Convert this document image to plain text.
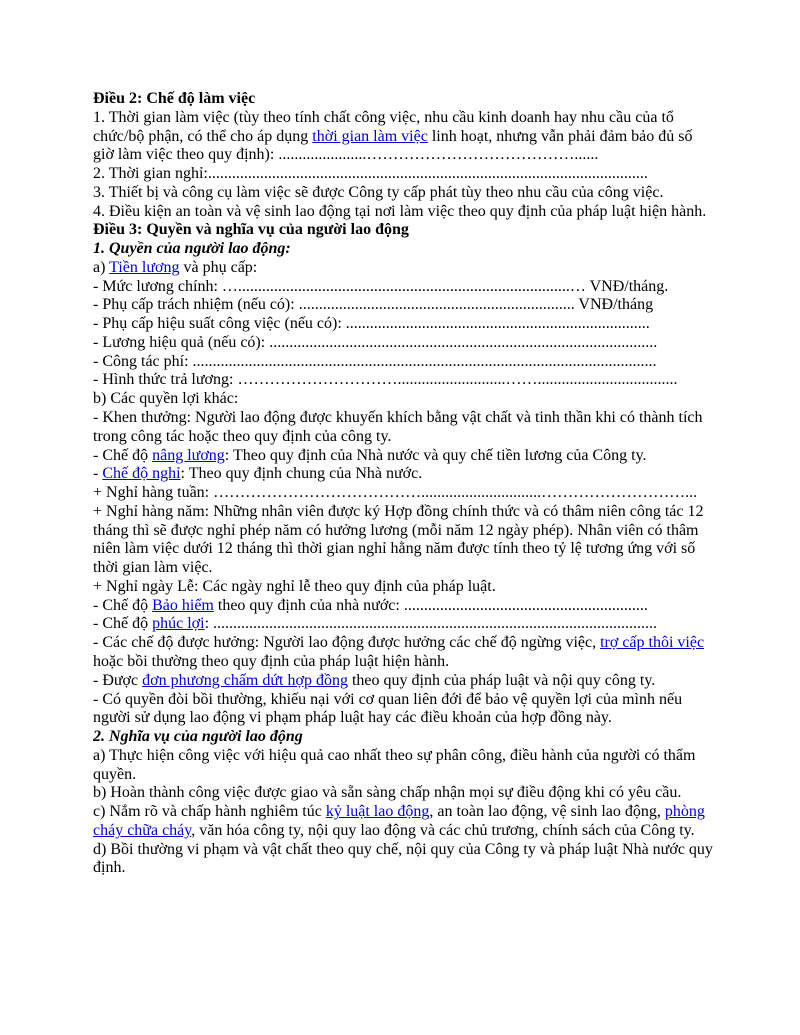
Điều 2: Chế độ làm việc

1. Thời gian làm việc (tùy theo tính chất công việc, nhu cầu kinh doanh hay nhu cầu của tổ chức/bộ phận, có thể cho áp dụng thời gian làm việc linh hoạt, nhưng vẫn phải đảm bảo đủ số giờ làm việc theo quy định): ......................…………………………………......

2. Thời gian nghỉ:..............................................................................................................

3. Thiết bị và công cụ làm việc sẽ được Công ty cấp phát tùy theo nhu cầu của công việc.

4. Điều kiện an toàn và vệ sinh lao động tại nơi làm việc theo quy định của pháp luật hiện hành.

Điều 3: Quyền và nghĩa vụ của người lao động

1. Quyền của người lao động:

a) Tiền lương và phụ cấp:

- Mức lương chính: …...................................................................................… VNĐ/tháng.

- Phụ cấp trách nhiệm (nếu có): ..................................................................... VNĐ/tháng

- Phụ cấp hiệu suất công việc (nếu có): ............................................................................

- Lương hiệu quả (nếu có): .................................................................................................

- Công tác phí: ....................................................................................................................

- Hình thức trả lương: …………………………...........................……...................................

b) Các quyền lợi khác:

- Khen thưởng: Người lao động được khuyến khích bằng vật chất và tinh thần khi có thành tích trong công tác hoặc theo quy định của công ty.

- Chế độ nâng lương: Theo quy định của Nhà nước và quy chế tiền lương của Công ty.

- Chế độ nghỉ: Theo quy định chung của Nhà nước.

+ Nghỉ hàng tuần: …………………………………..............................………………………...

+ Nghỉ hàng năm: Những nhân viên được ký Hợp đồng chính thức và có thâm niên công tác 12 tháng thì sẽ được nghỉ phép năm có hưởng lương (mỗi năm 12 ngày phép). Nhân viên có thâm niên làm việc dưới 12 tháng thì thời gian nghỉ hằng năm được tính theo tỷ lệ tương ứng với số thời gian làm việc.

+ Nghỉ ngày Lễ: Các ngày nghỉ lễ theo quy định của pháp luật.

- Chế độ Bảo hiểm theo quy định của nhà nước: .............................................................

- Chế độ phúc lợi: ...............................................................................................................

- Các chế độ được hưởng: Người lao động được hưởng các chế độ ngừng việc, trợ cấp thôi việc hoặc bồi thường theo quy định của pháp luật hiện hành.

- Được đơn phương chấm dứt hợp đồng theo quy định của pháp luật và nội quy công ty.

- Có quyền đòi bồi thường, khiếu nại với cơ quan liên đới để bảo vệ quyền lợi của mình nếu người sử dụng lao động vi phạm pháp luật hay các điều khoản của hợp đồng này.

2. Nghĩa vụ của người lao động

a) Thực hiện công việc với hiệu quả cao nhất theo sự phân công, điều hành của người có thẩm quyền.

b) Hoàn thành công việc được giao và sẵn sàng chấp nhận mọi sự điều động khi có yêu cầu.

c) Nắm rõ và chấp hành nghiêm túc kỷ luật lao động, an toàn lao động, vệ sinh lao động, phòng cháy chữa cháy, văn hóa công ty, nội quy lao động và các chủ trương, chính sách của Công ty.

d) Bồi thường vi phạm và vật chất theo quy chế, nội quy của Công ty và pháp luật Nhà nước quy định.
